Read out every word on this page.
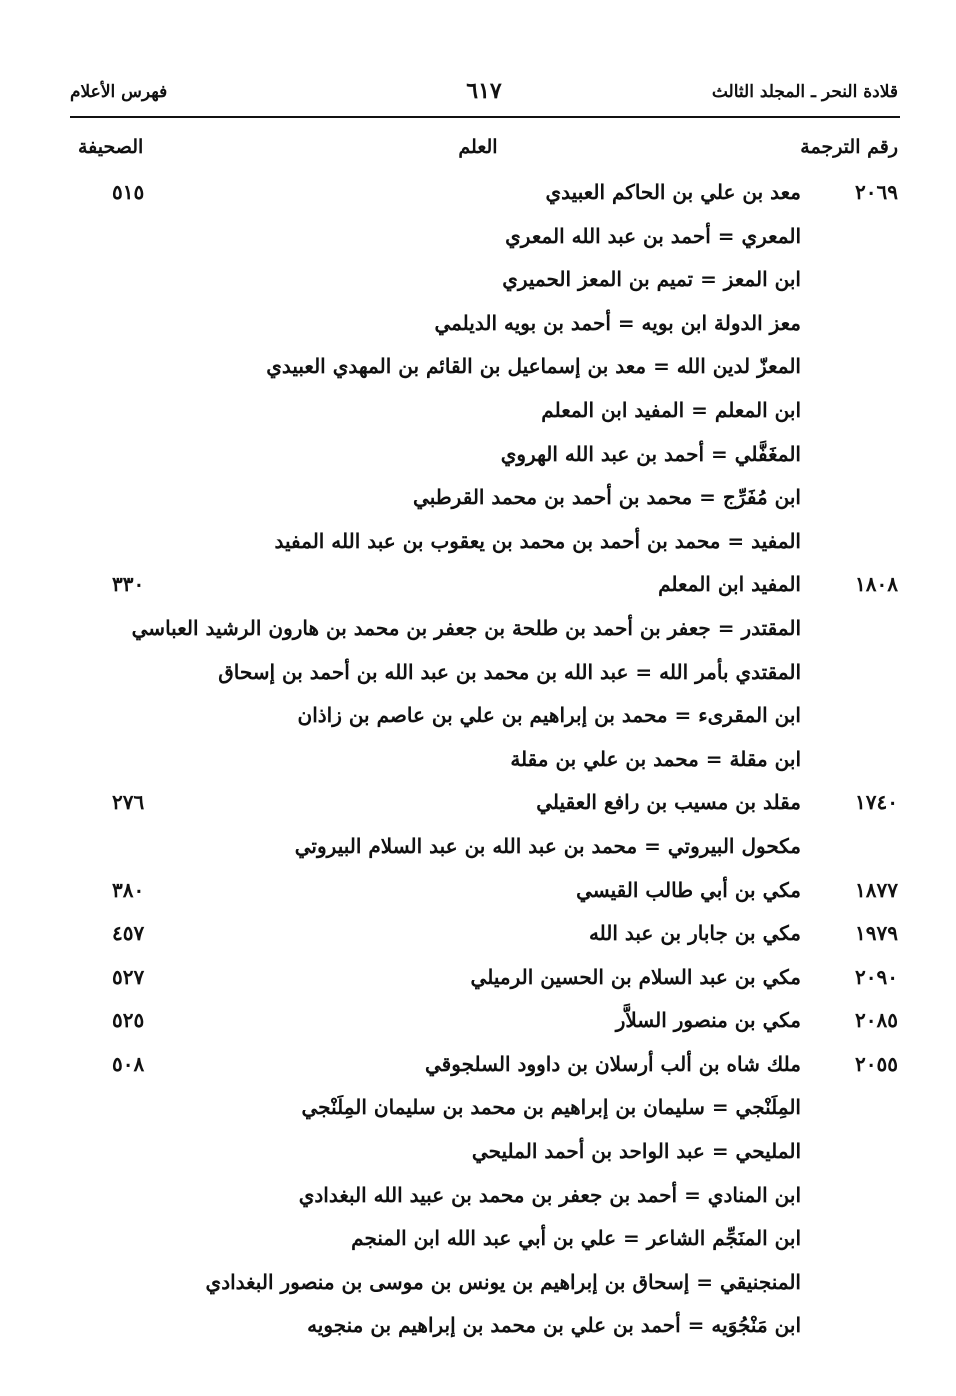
قلادة النحر ـ المجلد الثالث
٦١٧
فهرس الأعلام
رقم الترجمة
العلم
الصحيفة
٢٠٦٩
معد بن علي بن الحاكم العبيدي
٥١٥
المعري = أحمد بن عبد الله المعري
ابن المعز = تميم بن المعز الحميري
معز الدولة ابن بويه = أحمد بن بويه الديلمي
المعزّ لدين الله = معد بن إسماعيل بن القائم بن المهدي العبيدي
ابن المعلم = المفيد ابن المعلم
المغَفَّلي = أحمد بن عبد الله الهروي
ابن مُفَرِّج = محمد بن أحمد بن محمد القرطبي
المفيد = محمد بن أحمد بن محمد بن يعقوب بن عبد الله المفيد
١٨٠٨
المفيد ابن المعلم
٣٣٠
المقتدر = جعفر بن أحمد بن طلحة بن جعفر بن محمد بن هارون الرشيد العباسي
المقتدي بأمر الله = عبد الله بن محمد بن عبد الله بن أحمد بن إسحاق
ابن المقرىء = محمد بن إبراهيم بن علي بن عاصم بن زاذان
ابن مقلة = محمد بن علي بن مقلة
١٧٤٠
مقلد بن مسيب بن رافع العقيلي
٢٧٦
مكحول البيروتي = محمد بن عبد الله بن عبد السلام البيروتي
١٨٧٧
مكي بن أبي طالب القيسي
٣٨٠
١٩٧٩
مكي بن جابار بن عبد الله
٤٥٧
٢٠٩٠
مكي بن عبد السلام بن الحسين الرميلي
٥٢٧
٢٠٨٥
مكي بن منصور السلاَّر
٥٢٥
٢٠٥٥
ملك شاه بن ألب أرسلان بن داوود السلجوقي
٥٠٨
المِلَنْجي = سليمان بن إبراهيم بن محمد بن سليمان المِلَنْجي
المليحي = عبد الواحد بن أحمد المليحي
ابن المنادي = أحمد بن جعفر بن محمد بن عبيد الله البغدادي
ابن المنَجِّم الشاعر = علي بن أبي عبد الله ابن المنجم
المنجنيقي = إسحاق بن إبراهيم بن يونس بن موسى بن منصور البغدادي
ابن مَنْجُوَيه = أحمد بن علي بن محمد بن إبراهيم بن منجويه
